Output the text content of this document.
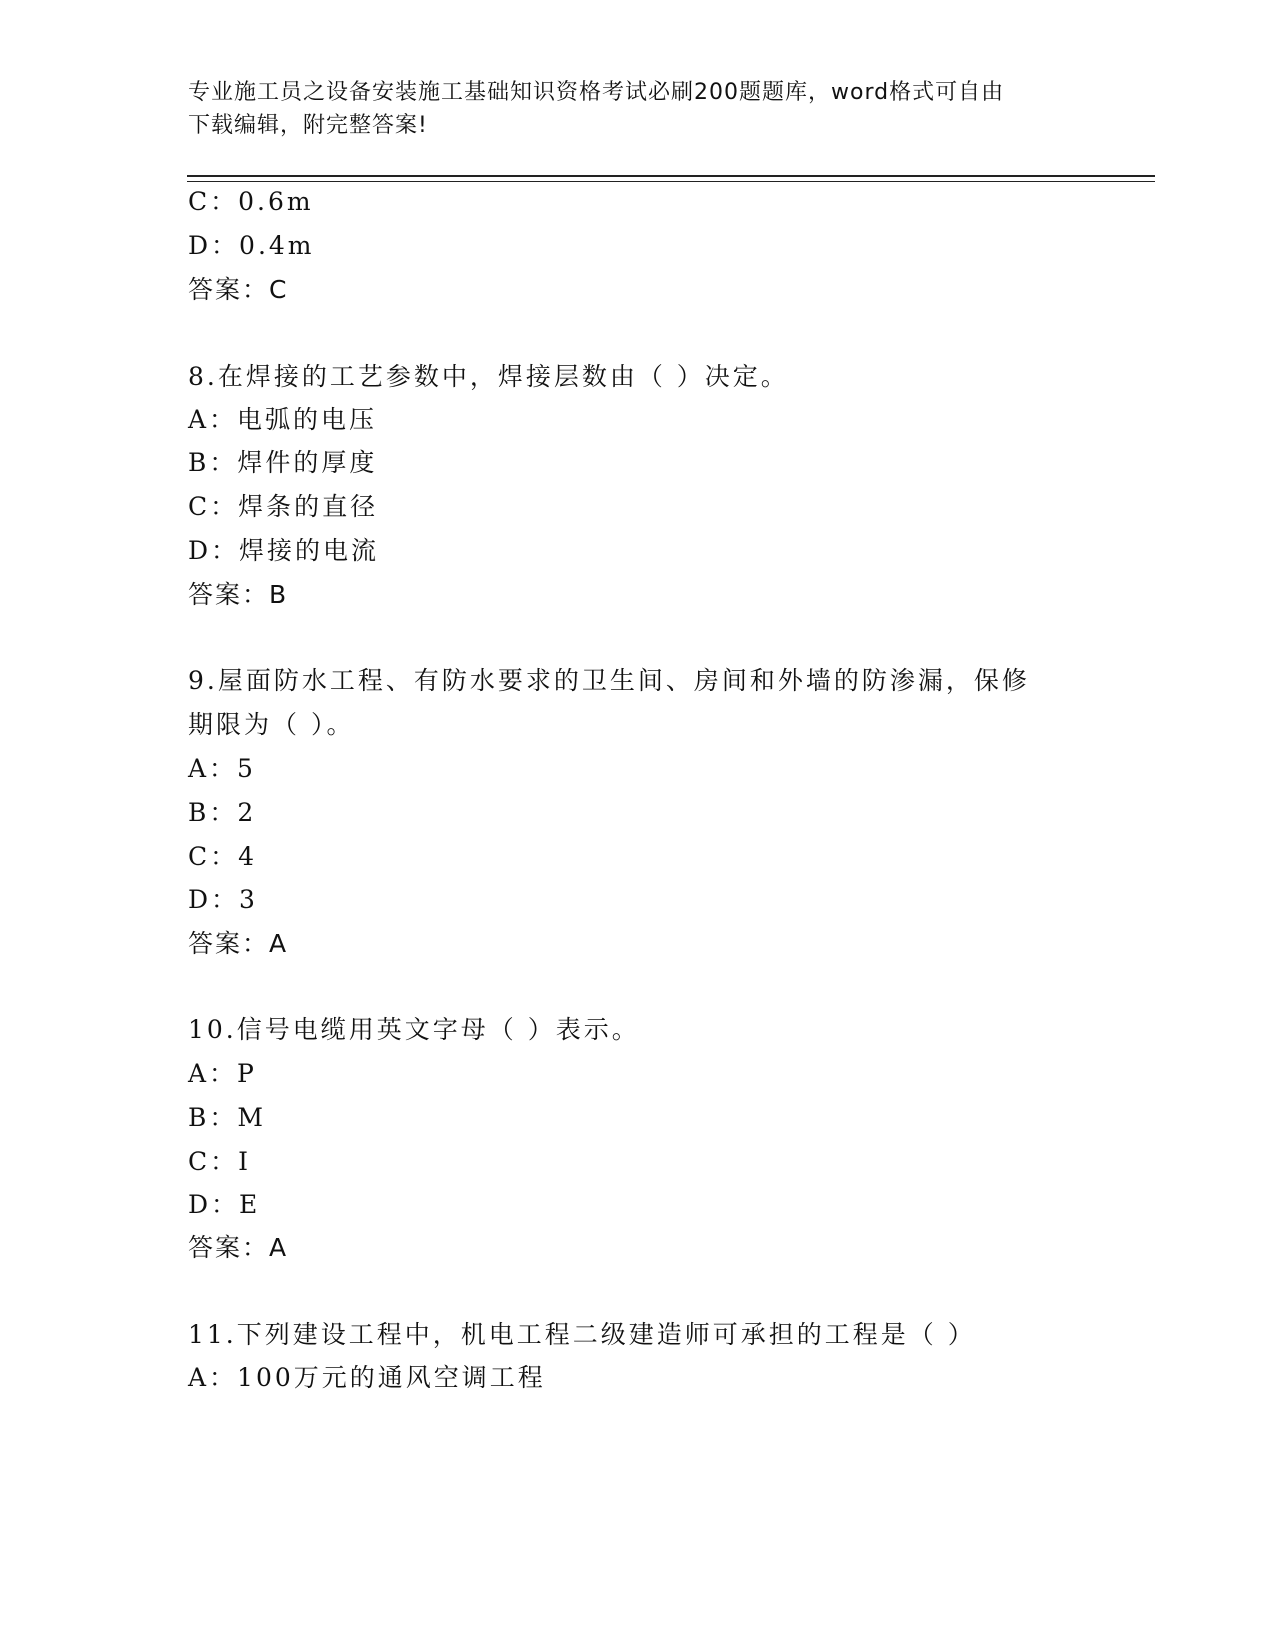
专业施工员之设备安装施工基础知识资格考试必刷200题题库，word格式可自由
下载编辑，附完整答案!
C：0.6m
D：0.4m
答案：C
8.在焊接的工艺参数中，焊接层数由（ ）决定。
A：电弧的电压
B：焊件的厚度
C：焊条的直径
D：焊接的电流
答案：B
9.屋面防水工程、有防水要求的卫生间、房间和外墙的防渗漏，保修
期限为（ ）。
A：5
B：2
C：4
D：3
答案：A
10.信号电缆用英文字母（ ）表示。
A：P
B：M
C：I
D：E
答案：A
11.下列建设工程中，机电工程二级建造师可承担的工程是（ ）
A：100万元的通风空调工程
